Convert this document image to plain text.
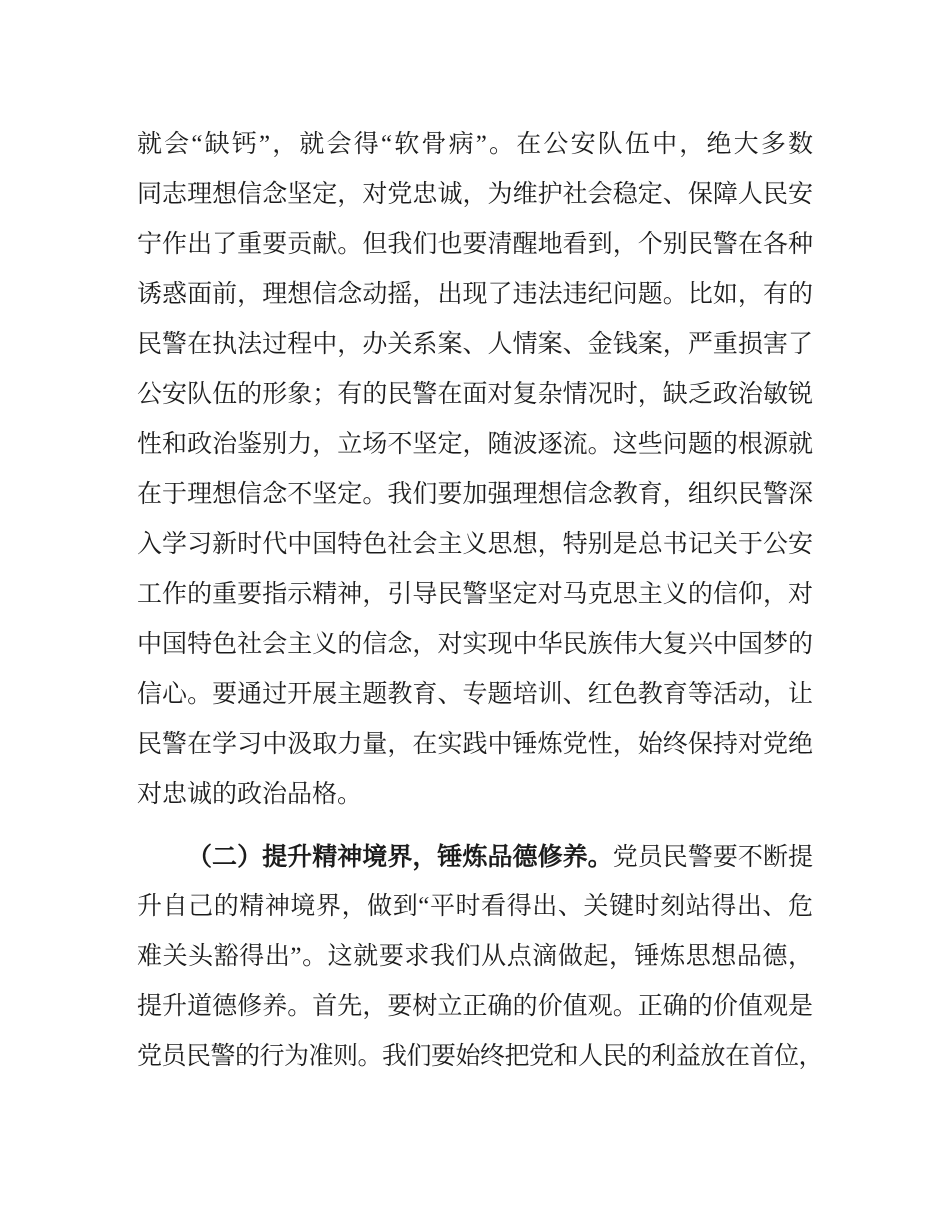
就会“缺钙”，就会得“软骨病”。在公安队伍中，绝大多数
同志理想信念坚定，对党忠诚，为维护社会稳定、保障人民安
宁作出了重要贡献。但我们也要清醒地看到，个别民警在各种
诱惑面前，理想信念动摇，出现了违法违纪问题。比如，有的
民警在执法过程中，办关系案、人情案、金钱案，严重损害了
公安队伍的形象；有的民警在面对复杂情况时，缺乏政治敏锐
性和政治鉴别力，立场不坚定，随波逐流。这些问题的根源就
在于理想信念不坚定。我们要加强理想信念教育，组织民警深
入学习新时代中国特色社会主义思想，特别是总书记关于公安
工作的重要指示精神，引导民警坚定对马克思主义的信仰，对
中国特色社会主义的信念，对实现中华民族伟大复兴中国梦的
信心。要通过开展主题教育、专题培训、红色教育等活动，让
民警在学习中汲取力量，在实践中锤炼党性，始终保持对党绝
对忠诚的政治品格。
（二）提升精神境界，锤炼品德修养。党员民警要不断提
升自己的精神境界，做到“平时看得出、关键时刻站得出、危
难关头豁得出”。这就要求我们从点滴做起，锤炼思想品德，
提升道德修养。首先，要树立正确的价值观。正确的价值观是
党员民警的行为准则。我们要始终把党和人民的利益放在首位，
